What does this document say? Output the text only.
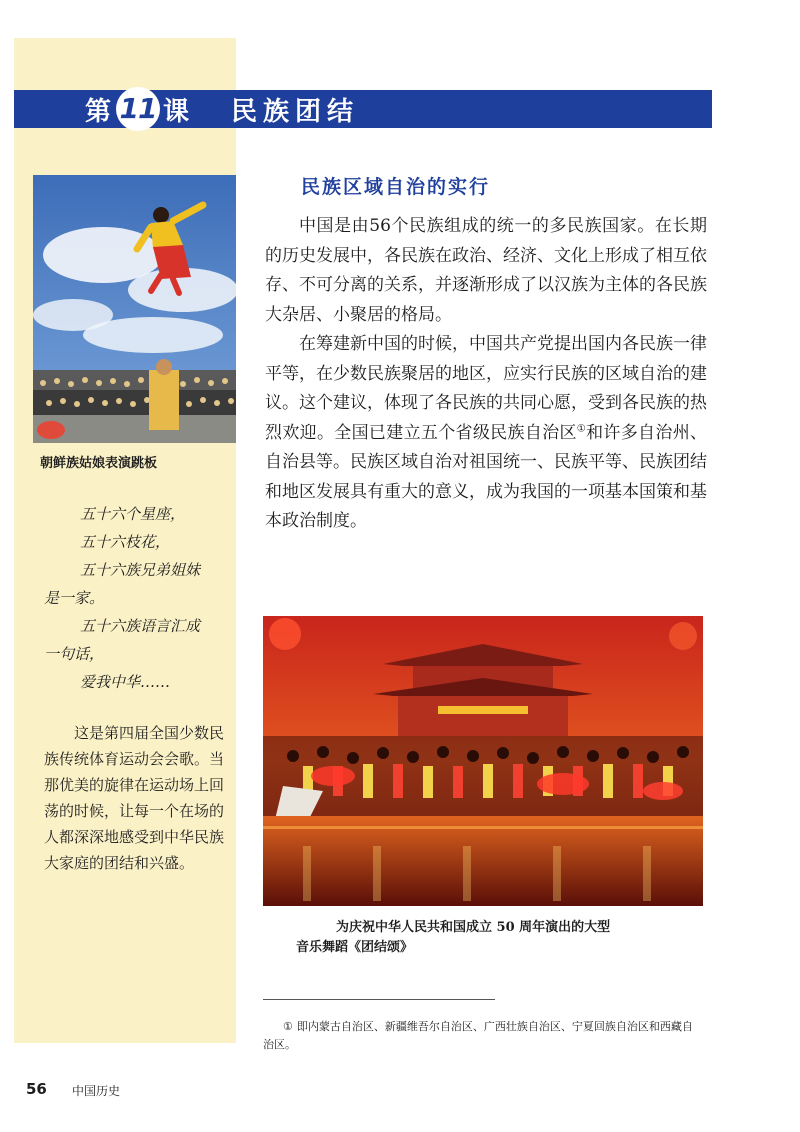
第 11 课 民族团结
朝鲜族姑娘表演跳板
五十六个星座，
五十六枝花，
五十六族兄弟姐妹
是一家。
五十六族语言汇成
一句话，
爱我中华……
这是第四届全国少数民族传统体育运动会会歌。当那优美的旋律在运动场上回荡的时候，让每一个在场的人都深深地感受到中华民族大家庭的团结和兴盛。
民族区域自治的实行

中国是由56个民族组成的统一的多民族国家。在长期的历史发展中，各民族在政治、经济、文化上形成了相互依存、不可分离的关系，并逐渐形成了以汉族为主体的各民族大杂居、小聚居的格局。

在筹建新中国的时候，中国共产党提出国内各民族一律平等，在少数民族聚居的地区，应实行民族的区域自治的建议。这个建议，体现了各民族的共同心愿，受到各民族的热烈欢迎。全国已建立五个省级民族自治区①和许多自治州、自治县等。民族区域自治对祖国统一、民族平等、民族团结和地区发展具有重大的意义，成为我国的一项基本国策和基本政治制度。

为庆祝中华人民共和国成立 50 周年演出的大型
音乐舞蹈《团结颂》
① 即内蒙古自治区、新疆维吾尔自治区、广西壮族自治区、宁夏回族自治区和西藏自治区。
56 中国历史
